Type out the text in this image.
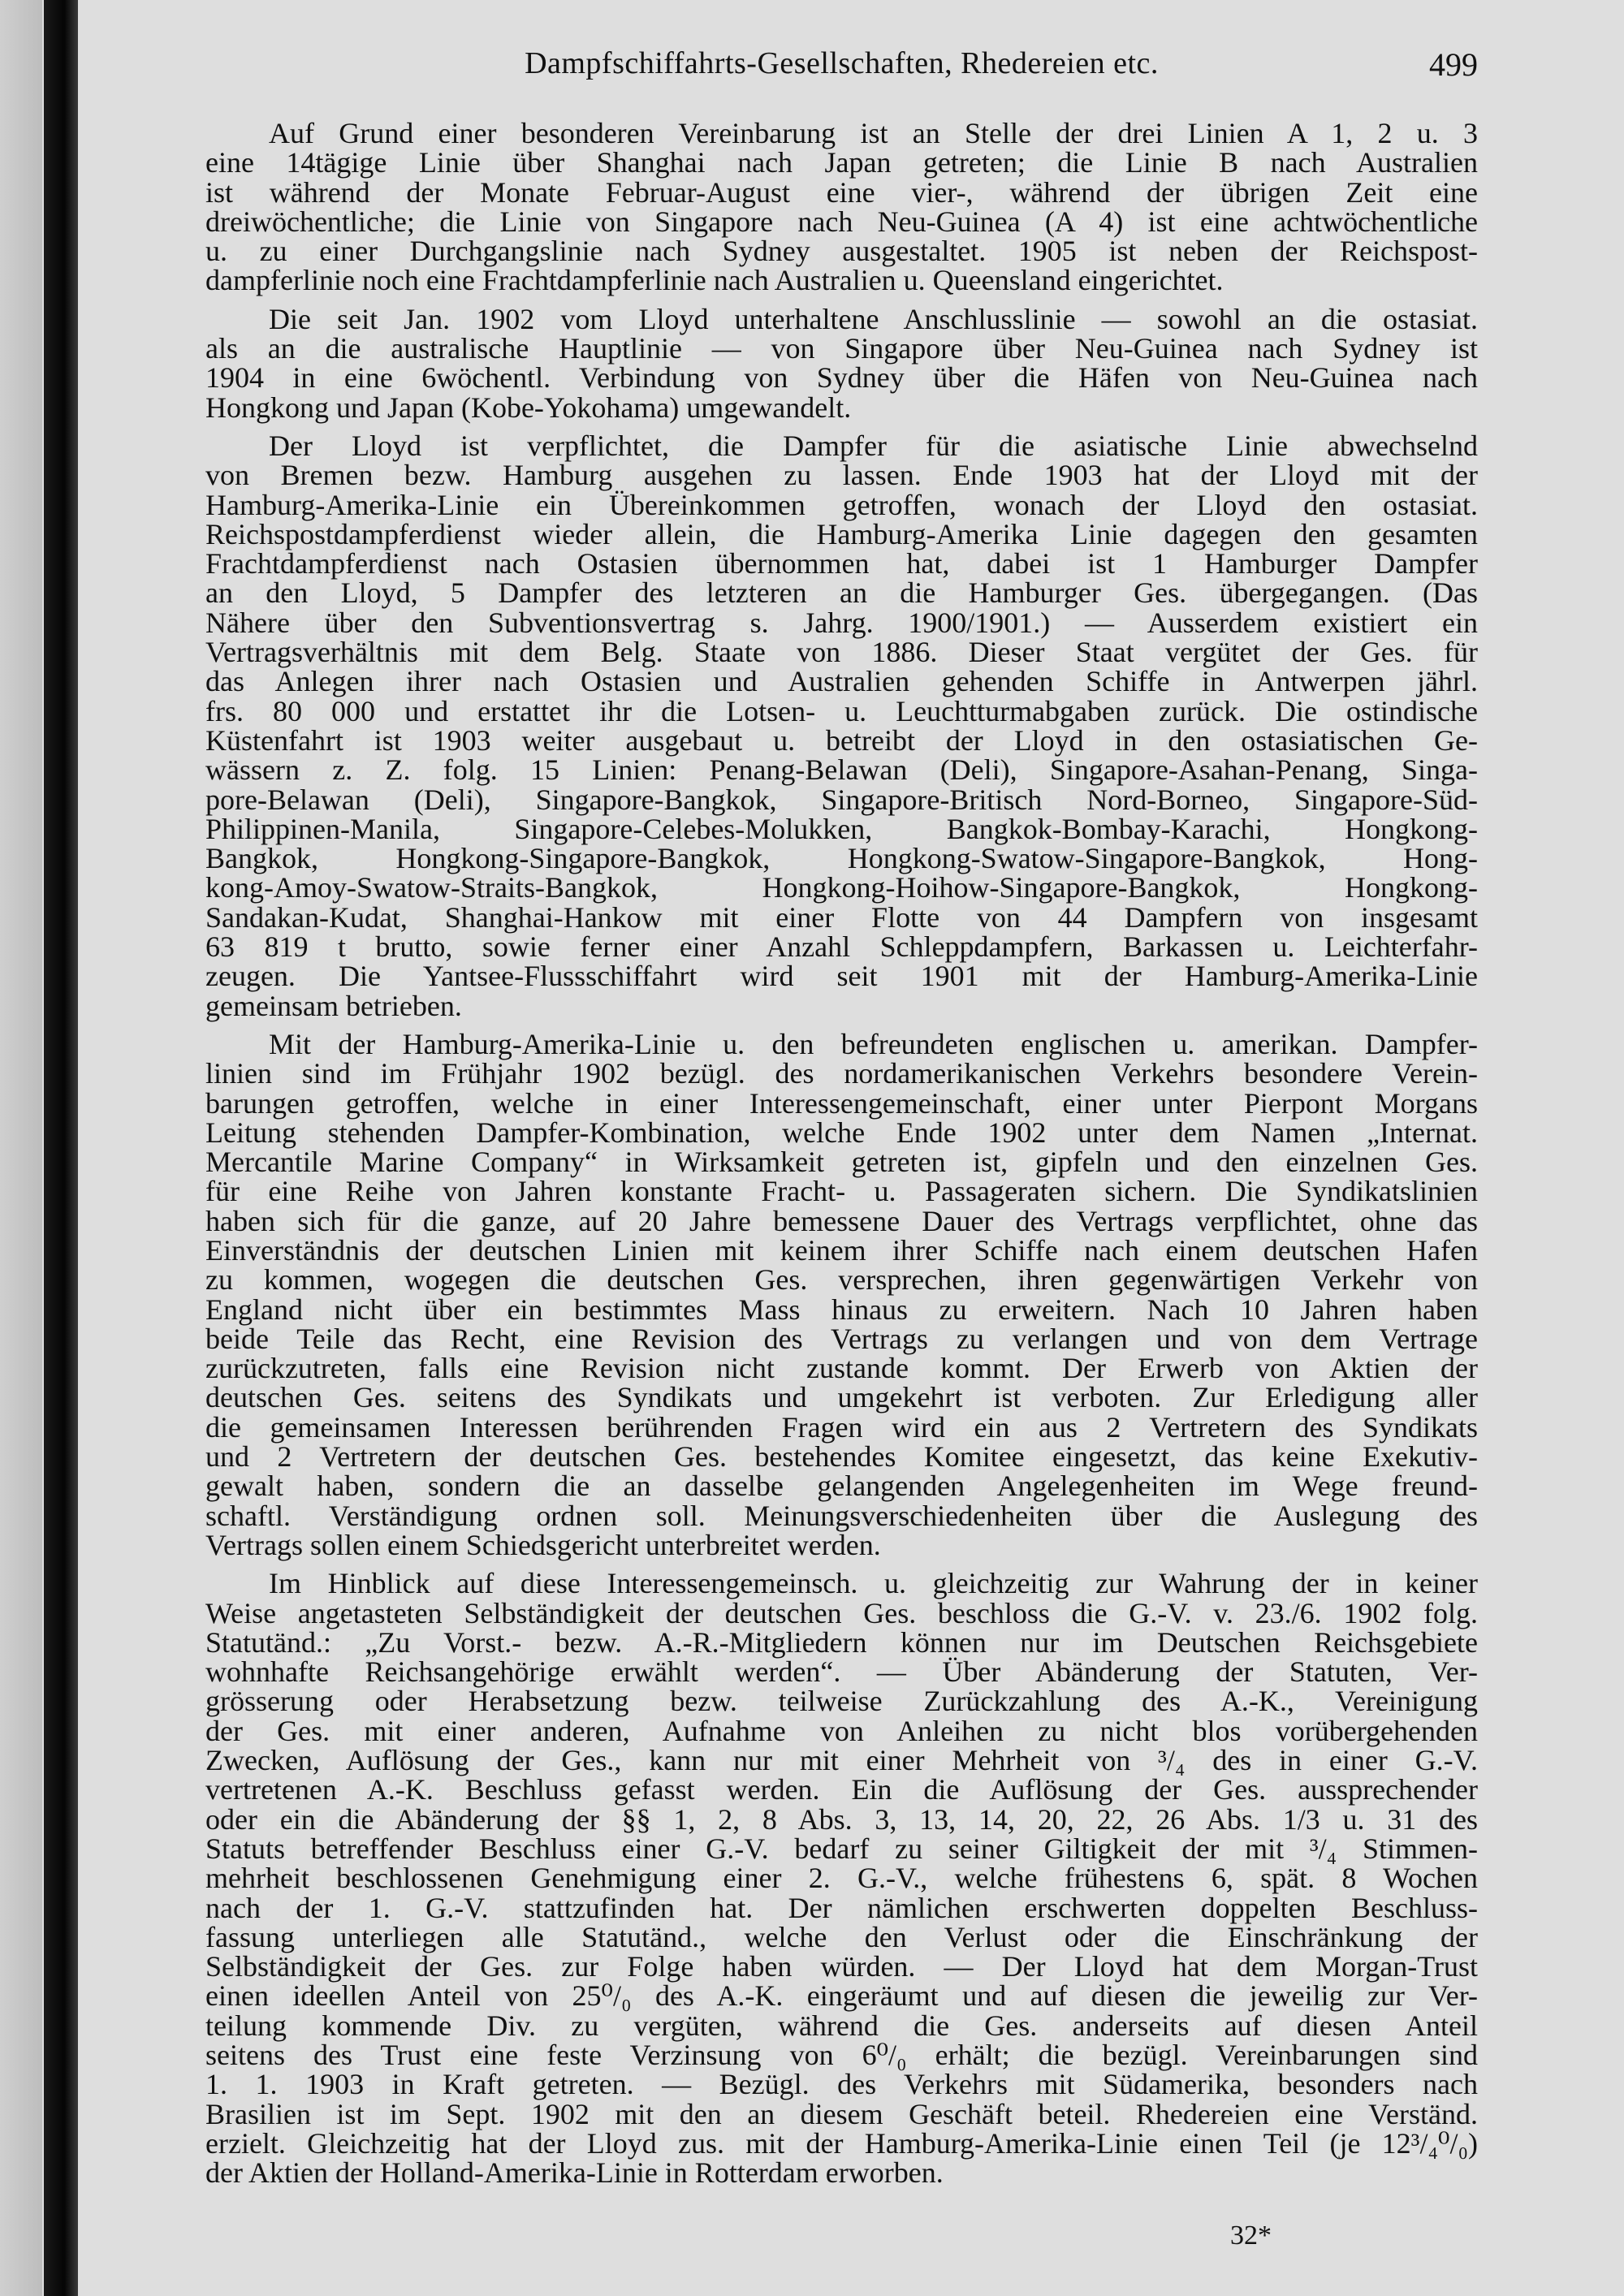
Dampfschiffahrts-Gesellschaften, Rhedereien etc.	499
Auf Grund einer besonderen Vereinbarung ist an Stelle der drei Linien A 1, 2 u. 3
eine 14tägige Linie über Shanghai nach Japan getreten; die Linie B nach Australien
ist während der Monate Februar-August eine vier-, während der übrigen Zeit eine
dreiwöchentliche; die Linie von Singapore nach Neu-Guinea (A 4) ist eine achtwöchentliche
u. zu einer Durchgangslinie nach Sydney ausgestaltet. 1905 ist neben der Reichspost-
dampferlinie noch eine Frachtdampferlinie nach Australien u. Queensland eingerichtet.
Die seit Jan. 1902 vom Lloyd unterhaltene Anschlusslinie — sowohl an die ostasiat.
als an die australische Hauptlinie — von Singapore über Neu-Guinea nach Sydney ist
1904 in eine 6wöchentl. Verbindung von Sydney über die Häfen von Neu-Guinea nach
Hongkong und Japan (Kobe-Yokohama) umgewandelt.
Der Lloyd ist verpflichtet, die Dampfer für die asiatische Linie abwechselnd
von Bremen bezw. Hamburg ausgehen zu lassen. Ende 1903 hat der Lloyd mit der
Hamburg-Amerika-Linie ein Übereinkommen getroffen, wonach der Lloyd den ostasiat.
Reichspostdampferdienst wieder allein, die Hamburg-Amerika Linie dagegen den gesamten
Frachtdampferdienst nach Ostasien übernommen hat, dabei ist 1 Hamburger Dampfer
an den Lloyd, 5 Dampfer des letzteren an die Hamburger Ges. übergegangen. (Das
Nähere über den Subventionsvertrag s. Jahrg. 1900/1901.) — Ausserdem existiert ein
Vertragsverhältnis mit dem Belg. Staate von 1886. Dieser Staat vergütet der Ges. für
das Anlegen ihrer nach Ostasien und Australien gehenden Schiffe in Antwerpen jährl.
frs. 80 000 und erstattet ihr die Lotsen- u. Leuchtturmabgaben zurück. Die ostindische
Küstenfahrt ist 1903 weiter ausgebaut u. betreibt der Lloyd in den ostasiatischen Ge-
wässern z. Z. folg. 15 Linien: Penang-Belawan (Deli), Singapore-Asahan-Penang, Singa-
pore-Belawan (Deli), Singapore-Bangkok, Singapore-Britisch Nord-Borneo, Singapore-Süd-
Philippinen-Manila, Singapore-Celebes-Molukken, Bangkok-Bombay-Karachi, Hongkong-
Bangkok, Hongkong-Singapore-Bangkok, Hongkong-Swatow-Singapore-Bangkok, Hong-
kong-Amoy-Swatow-Straits-Bangkok, Hongkong-Hoihow-Singapore-Bangkok, Hongkong-
Sandakan-Kudat, Shanghai-Hankow mit einer Flotte von 44 Dampfern von insgesamt
63 819 t brutto, sowie ferner einer Anzahl Schleppdampfern, Barkassen u. Leichterfahr-
zeugen. Die Yantsee-Flussschiffahrt wird seit 1901 mit der Hamburg-Amerika-Linie
gemeinsam betrieben.
Mit der Hamburg-Amerika-Linie u. den befreundeten englischen u. amerikan. Dampfer-
linien sind im Frühjahr 1902 bezügl. des nordamerikanischen Verkehrs besondere Verein-
barungen getroffen, welche in einer Interessengemeinschaft, einer unter Pierpont Morgans
Leitung stehenden Dampfer-Kombination, welche Ende 1902 unter dem Namen „Internat.
Mercantile Marine Company“ in Wirksamkeit getreten ist, gipfeln und den einzelnen Ges.
für eine Reihe von Jahren konstante Fracht- u. Passageraten sichern. Die Syndikatslinien
haben sich für die ganze, auf 20 Jahre bemessene Dauer des Vertrags verpflichtet, ohne das
Einverständnis der deutschen Linien mit keinem ihrer Schiffe nach einem deutschen Hafen
zu kommen, wogegen die deutschen Ges. versprechen, ihren gegenwärtigen Verkehr von
England nicht über ein bestimmtes Mass hinaus zu erweitern. Nach 10 Jahren haben
beide Teile das Recht, eine Revision des Vertrags zu verlangen und von dem Vertrage
zurückzutreten, falls eine Revision nicht zustande kommt. Der Erwerb von Aktien der
deutschen Ges. seitens des Syndikats und umgekehrt ist verboten. Zur Erledigung aller
die gemeinsamen Interessen berührenden Fragen wird ein aus 2 Vertretern des Syndikats
und 2 Vertretern der deutschen Ges. bestehendes Komitee eingesetzt, das keine Exekutiv-
gewalt haben, sondern die an dasselbe gelangenden Angelegenheiten im Wege freund-
schaftl. Verständigung ordnen soll. Meinungsverschiedenheiten über die Auslegung des
Vertrags sollen einem Schiedsgericht unterbreitet werden.
Im Hinblick auf diese Interessengemeinsch. u. gleichzeitig zur Wahrung der in keiner
Weise angetasteten Selbständigkeit der deutschen Ges. beschloss die G.-V. v. 23./6. 1902 folg.
Statutänd.: „Zu Vorst.- bezw. A.-R.-Mitgliedern können nur im Deutschen Reichsgebiete
wohnhafte Reichsangehörige erwählt werden“. — Über Abänderung der Statuten, Ver-
grösserung oder Herabsetzung bezw. teilweise Zurückzahlung des A.-K., Vereinigung
der Ges. mit einer anderen, Aufnahme von Anleihen zu nicht blos vorübergehenden
Zwecken, Auflösung der Ges., kann nur mit einer Mehrheit von ³/₄ des in einer G.-V.
vertretenen A.-K. Beschluss gefasst werden. Ein die Auflösung der Ges. aussprechender
oder ein die Abänderung der §§ 1, 2, 8 Abs. 3, 13, 14, 20, 22, 26 Abs. 1/3 u. 31 des
Statuts betreffender Beschluss einer G.-V. bedarf zu seiner Giltigkeit der mit ³/₄ Stimmen-
mehrheit beschlossenen Genehmigung einer 2. G.-V., welche frühestens 6, spät. 8 Wochen
nach der 1. G.-V. stattzufinden hat. Der nämlichen erschwerten doppelten Beschluss-
fassung unterliegen alle Statutänd., welche den Verlust oder die Einschränkung der
Selbständigkeit der Ges. zur Folge haben würden. — Der Lloyd hat dem Morgan-Trust
einen ideellen Anteil von 25⁰/₀ des A.-K. eingeräumt und auf diesen die jeweilig zur Ver-
teilung kommende Div. zu vergüten, während die Ges. anderseits auf diesen Anteil
seitens des Trust eine feste Verzinsung von 6⁰/₀ erhält; die bezügl. Vereinbarungen sind
1. 1. 1903 in Kraft getreten. — Bezügl. des Verkehrs mit Südamerika, besonders nach
Brasilien ist im Sept. 1902 mit den an diesem Geschäft beteil. Rhedereien eine Verständ.
erzielt. Gleichzeitig hat der Lloyd zus. mit der Hamburg-Amerika-Linie einen Teil (je 12³/₄⁰/₀)
der Aktien der Holland-Amerika-Linie in Rotterdam erworben.
32*
